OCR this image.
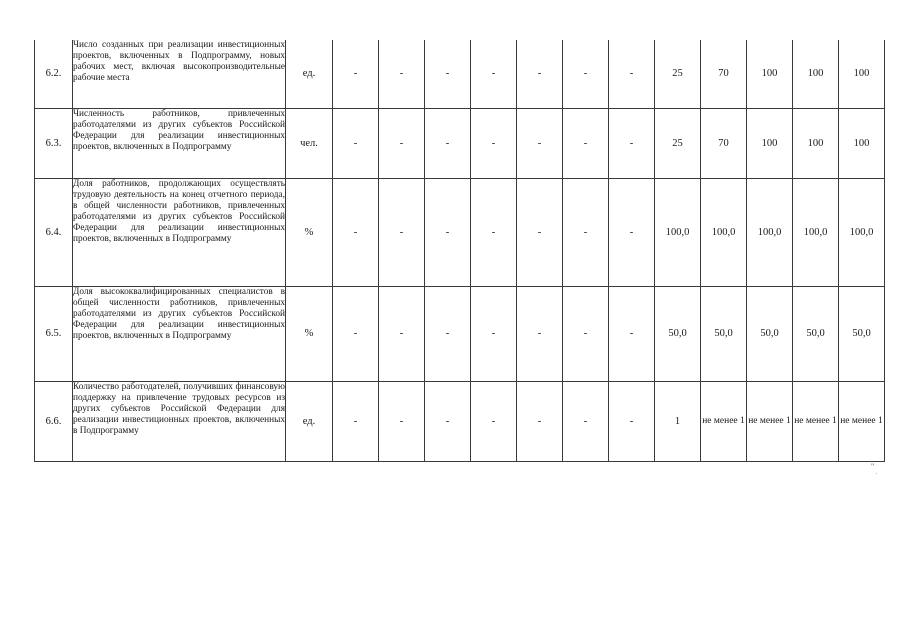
6.2.	Число созданных при реализации инвестиционных проектов, включенных в Подпрограмму, новых рабочих мест, включая высокопроизводительные рабочие места	ед.	-	-	-	-	-	-	-	25	70	100	100	100
6.3.	Численность работников, привлеченных работодателями из других субъектов Российской Федерации для реализации инвестиционных проектов, включенных в Подпрограмму	чел.	-	-	-	-	-	-	-	25	70	100	100	100
6.4.	Доля работников, продолжающих осуществлять трудовую деятельность на конец отчетного периода, в общей численности работников, привлеченных работодателями из других субъектов Российской Федерации для реализации инвестиционных проектов, включенных в Подпрограмму	%	-	-	-	-	-	-	-	100,0	100,0	100,0	100,0	100,0
6.5.	Доля высококвалифицированных специалистов в общей численности работников, привлеченных работодателями из других субъектов Российской Федерации для реализации инвестиционных проектов, включенных в Подпрограмму	%	-	-	-	-	-	-	-	50,0	50,0	50,0	50,0	50,0
6.6.	Количество работодателей, получивших финансовую поддержку на привлечение трудовых ресурсов из других субъектов Российской Федерации для реализации инвестиционных проектов, включенных в Подпрограмму	ед.	-	-	-	-	-	-	-	1	не менее 1	не менее 1	не менее 1	не менее 1
"
.
